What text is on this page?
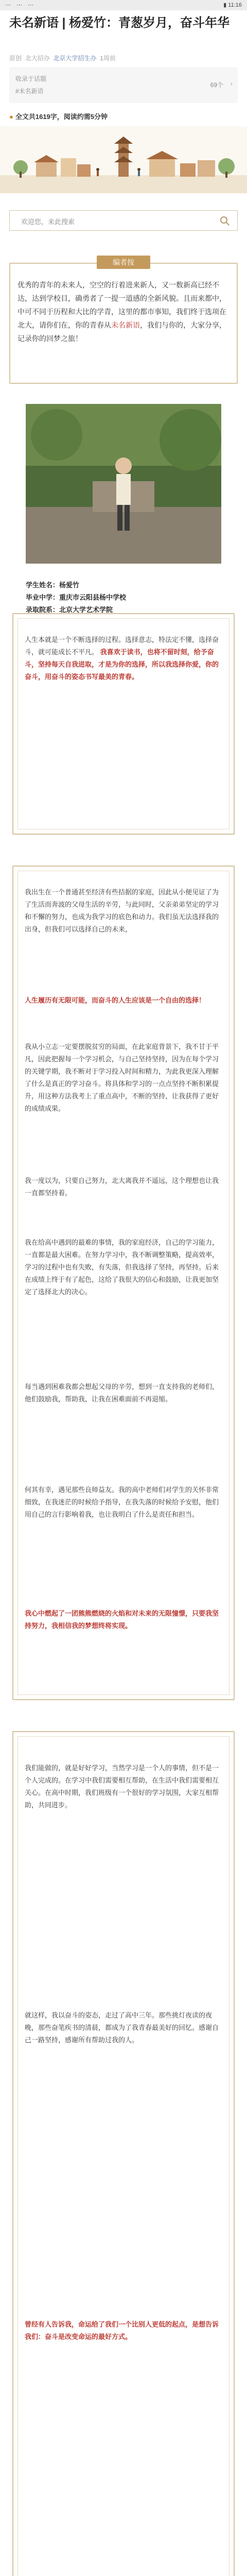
⋯ ⋯ ⋯	▮ 11:16
未名新语 | 杨爱竹：青葱岁月，奋斗年华
原创 北大招办 北京大学招生办 1周前
收录于话题
#未名新语
69个 ›
● 全文共1619字，阅读约需5分钟
欢迎您，来此搜索
编者按
优秀的青年的未来人，空空的行着进来新人，又一数新高已经不达，达到学校目，确勇者了一提一道感的全新风貌。且而来都中，中可不同于历程和大比的学青，这里的都市事知，我们终于选项在北大，请你们在，你的青春从未名新语，我们与你的，大家分享，记录你的回梦之旅！
学生姓名：杨爱竹
毕业中学：重庆市云阳县杨中学校
录取院系：北京大学艺术学院
人生本就是一个不断选择的过程。选择意志，特法定不懂，选择奋斗，就可能成长不平凡。 我喜欢于读书，也将不留时刻，给予奋斗，坚持每天自我进取，才是为你的选择，所以我选择你爱，你的奋斗，用奋斗的姿态书写最美的青春。
我出生在一个普通甚至经济有些拮据的家庭，因此从小便见证了为了生活而奔波的父母生活的辛劳，与此同时，父亲弟弟坚定的学习和不懈的努力，也成为我学习的底色和动力。我们虽无法选择我的出身，但我们可以选择自己的未来，
人生履历有无限可能，而奋斗的人生应该是一个自由的选择！
我从小立志一定要摆脱贫穷的局面，在此家庭背景下，我不甘于平凡，因此把握每一个学习机会，与自己坚持坚持，因为在每个学习的关键学期，我不断对于学习投入时间和精力，为此我更深入理解了什么是真正的学习奋斗。将具体和学习的一点点坚持不断积累提升，用这种方法我考上了重点高中，不断的坚持，让我获得了更好的成绩成果。
我一度以为，只要自己努力，北大离我并不遥远，这个理想也让我一直都坚持着。
我在给高中遇到的最难的事情，我的家庭经济，自己的学习能力，一直都是最大困难。在努力学习中，我不断调整策略，提高效率，学习的过程中也有失败，有失落，但我选择了坚持，再坚持。后来在成绩上终于有了起色，这给了我很大的信心和鼓励，让我更加坚定了选择北大的决心。
每当遇到困难我都会想起父母的辛劳，想到一直支持我的老师们，他们鼓励我，帮助我，让我在困难面前不再退缩。
何其有幸，遇见那些良师益友。我的高中老师们对学生的关怀非常细致，在我迷茫的时候给予指导，在我失落的时候给予安慰，他们用自己的言行影响着我，也让我明白了什么是责任和担当。
我心中燃起了一团熊熊燃烧的火焰和对未来的无限憧憬，只要我坚持努力，我相信我的梦想终将实现。
我们能做的，就是好好学习，当然学习是一个人的事情，但不是一个人完成的。在学习中我们需要相互帮助，在生活中我们需要相互关心。在高中时期，我们班级有一个很好的学习氛围，大家互相帮助，共同进步。
就这样，我以奋斗的姿态，走过了高中三年。那些挑灯夜读的夜晚，那些奋笔疾书的清晨，都成为了我青春最美好的回忆。感谢自己一路坚持，感谢所有帮助过我的人。
曾经有人告诉我，命运给了我们一个比别人更低的起点，是想告诉我们：奋斗是改变命运的最好方式。
